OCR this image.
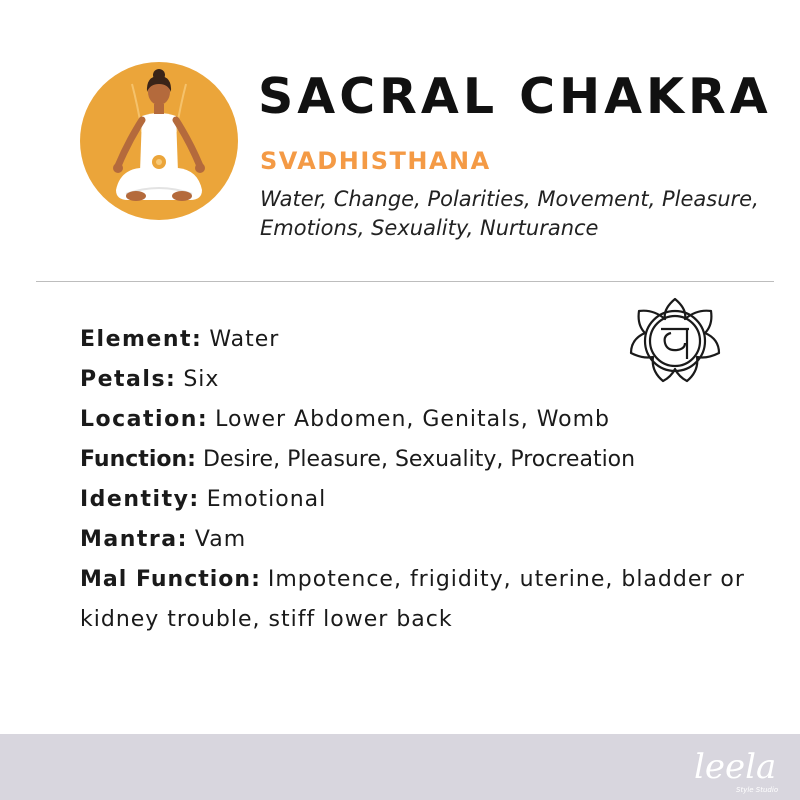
SACRAL CHAKRA
SVADHISTHANA

Water, Change, Polarities, Movement, Pleasure, Emotions, Sexuality, Nurturance

Element: Water
Petals: Six
Location: Lower Abdomen, Genitals, Womb
Function: Desire, Pleasure, Sexuality, Procreation
Identity: Emotional
Mantra: Vam
Mal Function: Impotence, frigidity, uterine, bladder or kidney trouble, stiff lower back
leela
Style Studio
